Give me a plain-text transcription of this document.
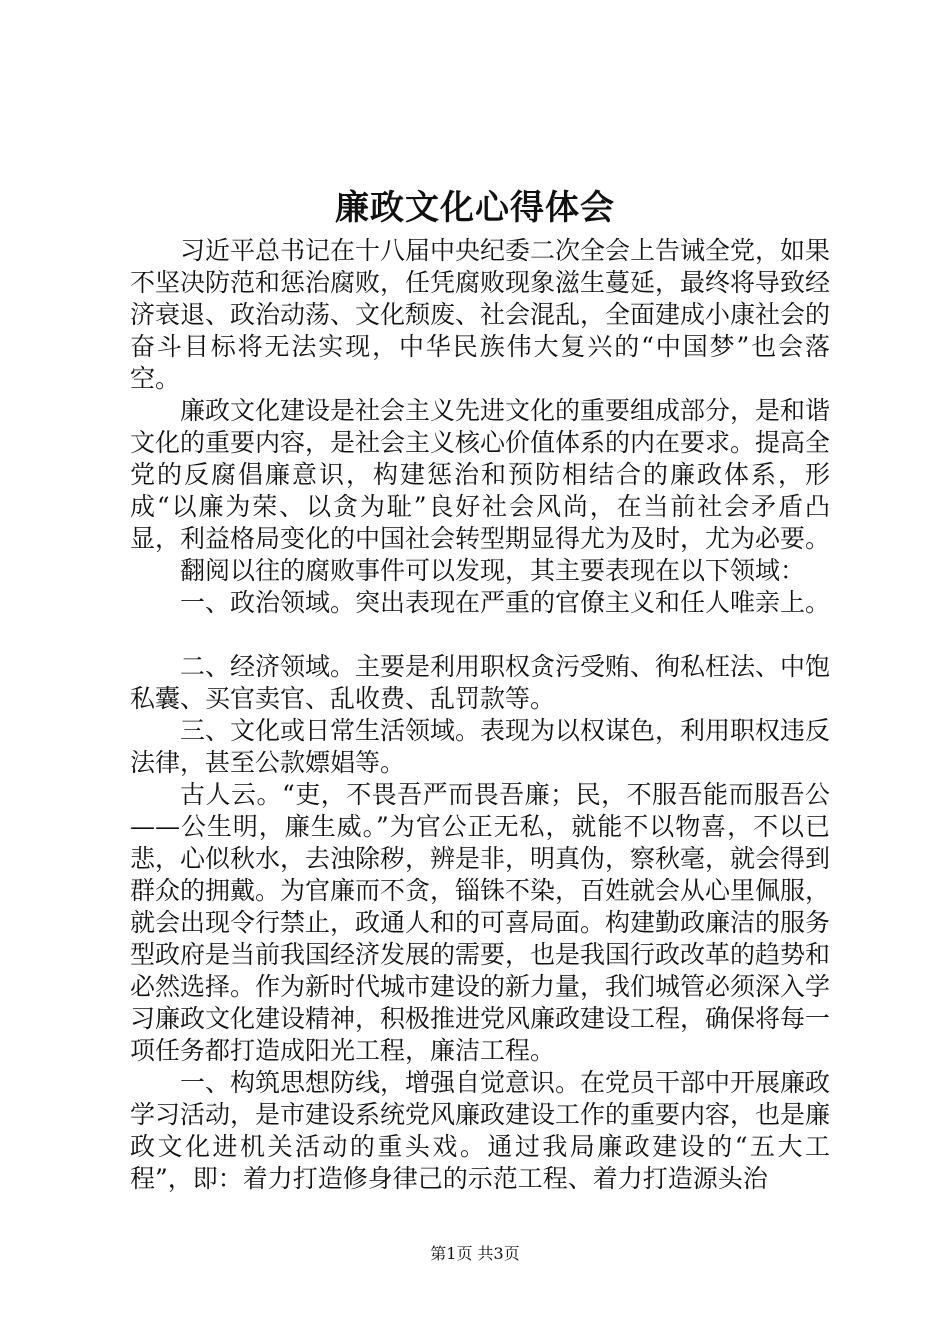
廉政文化心得体会

习近平总书记在十八届中央纪委二次全会上告诫全党，如果不坚决防范和惩治腐败，任凭腐败现象滋生蔓延，最终将导致经济衰退、政治动荡、文化颓废、社会混乱，全面建成小康社会的奋斗目标将无法实现，中华民族伟大复兴的“中国梦”也会落空。

廉政文化建设是社会主义先进文化的重要组成部分，是和谐文化的重要内容，是社会主义核心价值体系的内在要求。提高全党的反腐倡廉意识，构建惩治和预防相结合的廉政体系，形成“以廉为荣、以贪为耻”良好社会风尚，在当前社会矛盾凸显，利益格局变化的中国社会转型期显得尤为及时，尤为必要。

翻阅以往的腐败事件可以发现，其主要表现在以下领域：

一、政治领域。突出表现在严重的官僚主义和任人唯亲上。

二、经济领域。主要是利用职权贪污受贿、徇私枉法、中饱私囊、买官卖官、乱收费、乱罚款等。

三、文化或日常生活领域。表现为以权谋色，利用职权违反法律，甚至公款嫖娼等。

古人云。“吏，不畏吾严而畏吾廉；民，不服吾能而服吾公——公生明，廉生威。”为官公正无私，就能不以物喜，不以已悲，心似秋水，去浊除秽，辨是非，明真伪，察秋毫，就会得到群众的拥戴。为官廉而不贪，锱铢不染，百姓就会从心里佩服，就会出现令行禁止，政通人和的可喜局面。构建勤政廉洁的服务型政府是当前我国经济发展的需要，也是我国行政改革的趋势和必然选择。作为新时代城市建设的新力量，我们城管必须深入学习廉政文化建设精神，积极推进党风廉政建设工程，确保将每一项任务都打造成阳光工程，廉洁工程。

一、构筑思想防线，增强自觉意识。在党员干部中开展廉政学习活动，是市建设系统党风廉政建设工作的重要内容，也是廉政文化进机关活动的重头戏。通过我局廉政建设的“五大工程”，即：着力打造修身律己的示范工程、着力打造源头治

第1页 共3页
